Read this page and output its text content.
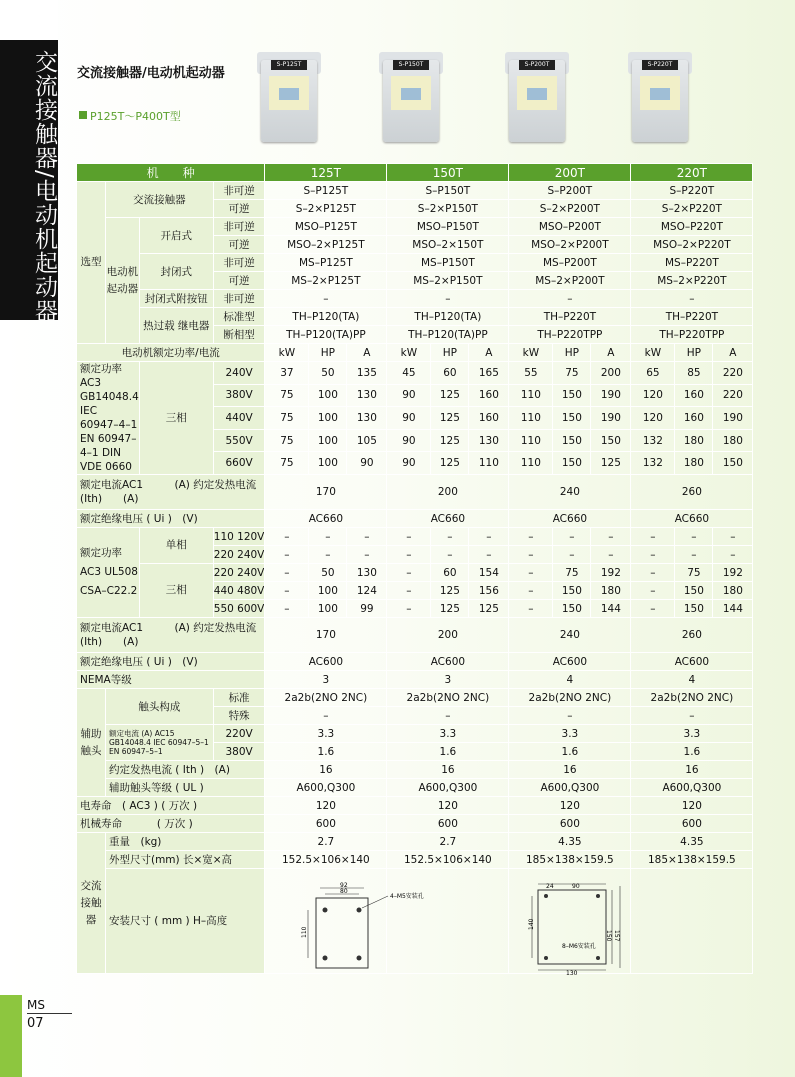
交流接触器/电动机起动器
MS
07
交流接触器/电动机起动器
P125T～P400T型
S-P125T	S-P150T	S-P200T	S-P220T
机　　种				125T			150T			200T			220T		
选型	交流接触器		非可逆	S–P125T			S–P150T			S–P200T			S–P220T		
			可逆	S–2×P125T			S–2×P150T			S–2×P200T			S–2×P220T		
	电动机起动器	开启式	非可逆	MSO–P125T			MSO–P150T			MSO–P200T			MSO–P220T		
			可逆	MSO–2×P125T			MSO–2×150T			MSO–2×P200T			MSO–2×P220T		
		封闭式	非可逆	MS–P125T			MS–P150T			MS–P200T			MS–P220T		
			可逆	MS–2×P125T			MS–2×P150T			MS–2×P200T			MS–2×P220T		
		封闭式附按钮	非可逆	–			–			–			–		
		热过载 继电器	标准型	TH–P120(TA)			TH–P120(TA)			TH–P220T			TH–P220T		
			断相型	TH–P120(TA)PP			TH–P120(TA)PP			TH–P220TPP			TH–P220TPP		
电动机额定功率/电流				kW	HP	A	kW	HP	A	kW	HP	A	kW	HP	A
额定功率 AC3 GB14048.4 IEC 60947–4–1 EN 60947–4–1 DIN VDE 0660		三相	240V	37	50	135	45	60	165	55	75	200	65	85	220
			380V	75	100	130	90	125	160	110	150	190	120	160	220
			440V	75	100	130	90	125	160	110	150	190	120	160	190
			550V	75	100	105	90	125	130	110	150	150	132	180	180
			660V	75	100	90	90	125	110	110	150	125	132	180	150
额定电流AC1　　　(A) 约定发热电流(Ith)　　(A)				170			200			240			260		
额定绝缘电压 ( Ui )　(V)				AC660			AC660			AC660			AC660		
额定功率 AC3 UL508 CSA–C22.2		单相	110 120V	–	–	–	–	–	–	–	–	–	–	–	–
			220 240V	–	–	–	–	–	–	–	–	–	–	–	–
		三相	220 240V	–	50	130	–	60	154	–	75	192	–	75	192
			440 480V	–	100	124	–	125	156	–	150	180	–	150	180
			550 600V	–	100	99	–	125	125	–	150	144	–	150	144
额定电流AC1　　　(A) 约定发热电流(Ith)　　(A)				170			200			240			260		
额定绝缘电压 ( Ui )　(V)				AC600			AC600			AC600			AC600		
NEMA等级				3			3			4			4		
辅助触头	触头构成		标准	2a2b(2NO 2NC)			2a2b(2NO 2NC)			2a2b(2NO 2NC)			2a2b(2NO 2NC)		
			特殊	–			–			–			–		
	额定电流 (A) AC15 GB14048.4 IEC 60947–5–1 EN 60947–5–1		220V	3.3			3.3			3.3			3.3		
			380V	1.6			1.6			1.6			1.6		
	约定发热电流 ( Ith )　(A)			16			16			16			16		
	辅助触头等级 ( UL )			A600,Q300			A600,Q300			A600,Q300			A600,Q300		
电寿命　( AC3 ) ( 万次 )				120			120			120			120		
机械寿命　　　 ( 万次 )				600			600			600			600		
交流接触器	重量　(kg)			2.7			2.7			4.35			4.35		
	外型尺寸(mm) 长×宽×高			152.5×106×140			152.5×106×140			185×138×159.5			185×138×159.5		
	安装尺寸 ( mm ) H–高度														
92
80
110
4–M5安装孔
24	90
140
150 157
130
8–M6安装孔
